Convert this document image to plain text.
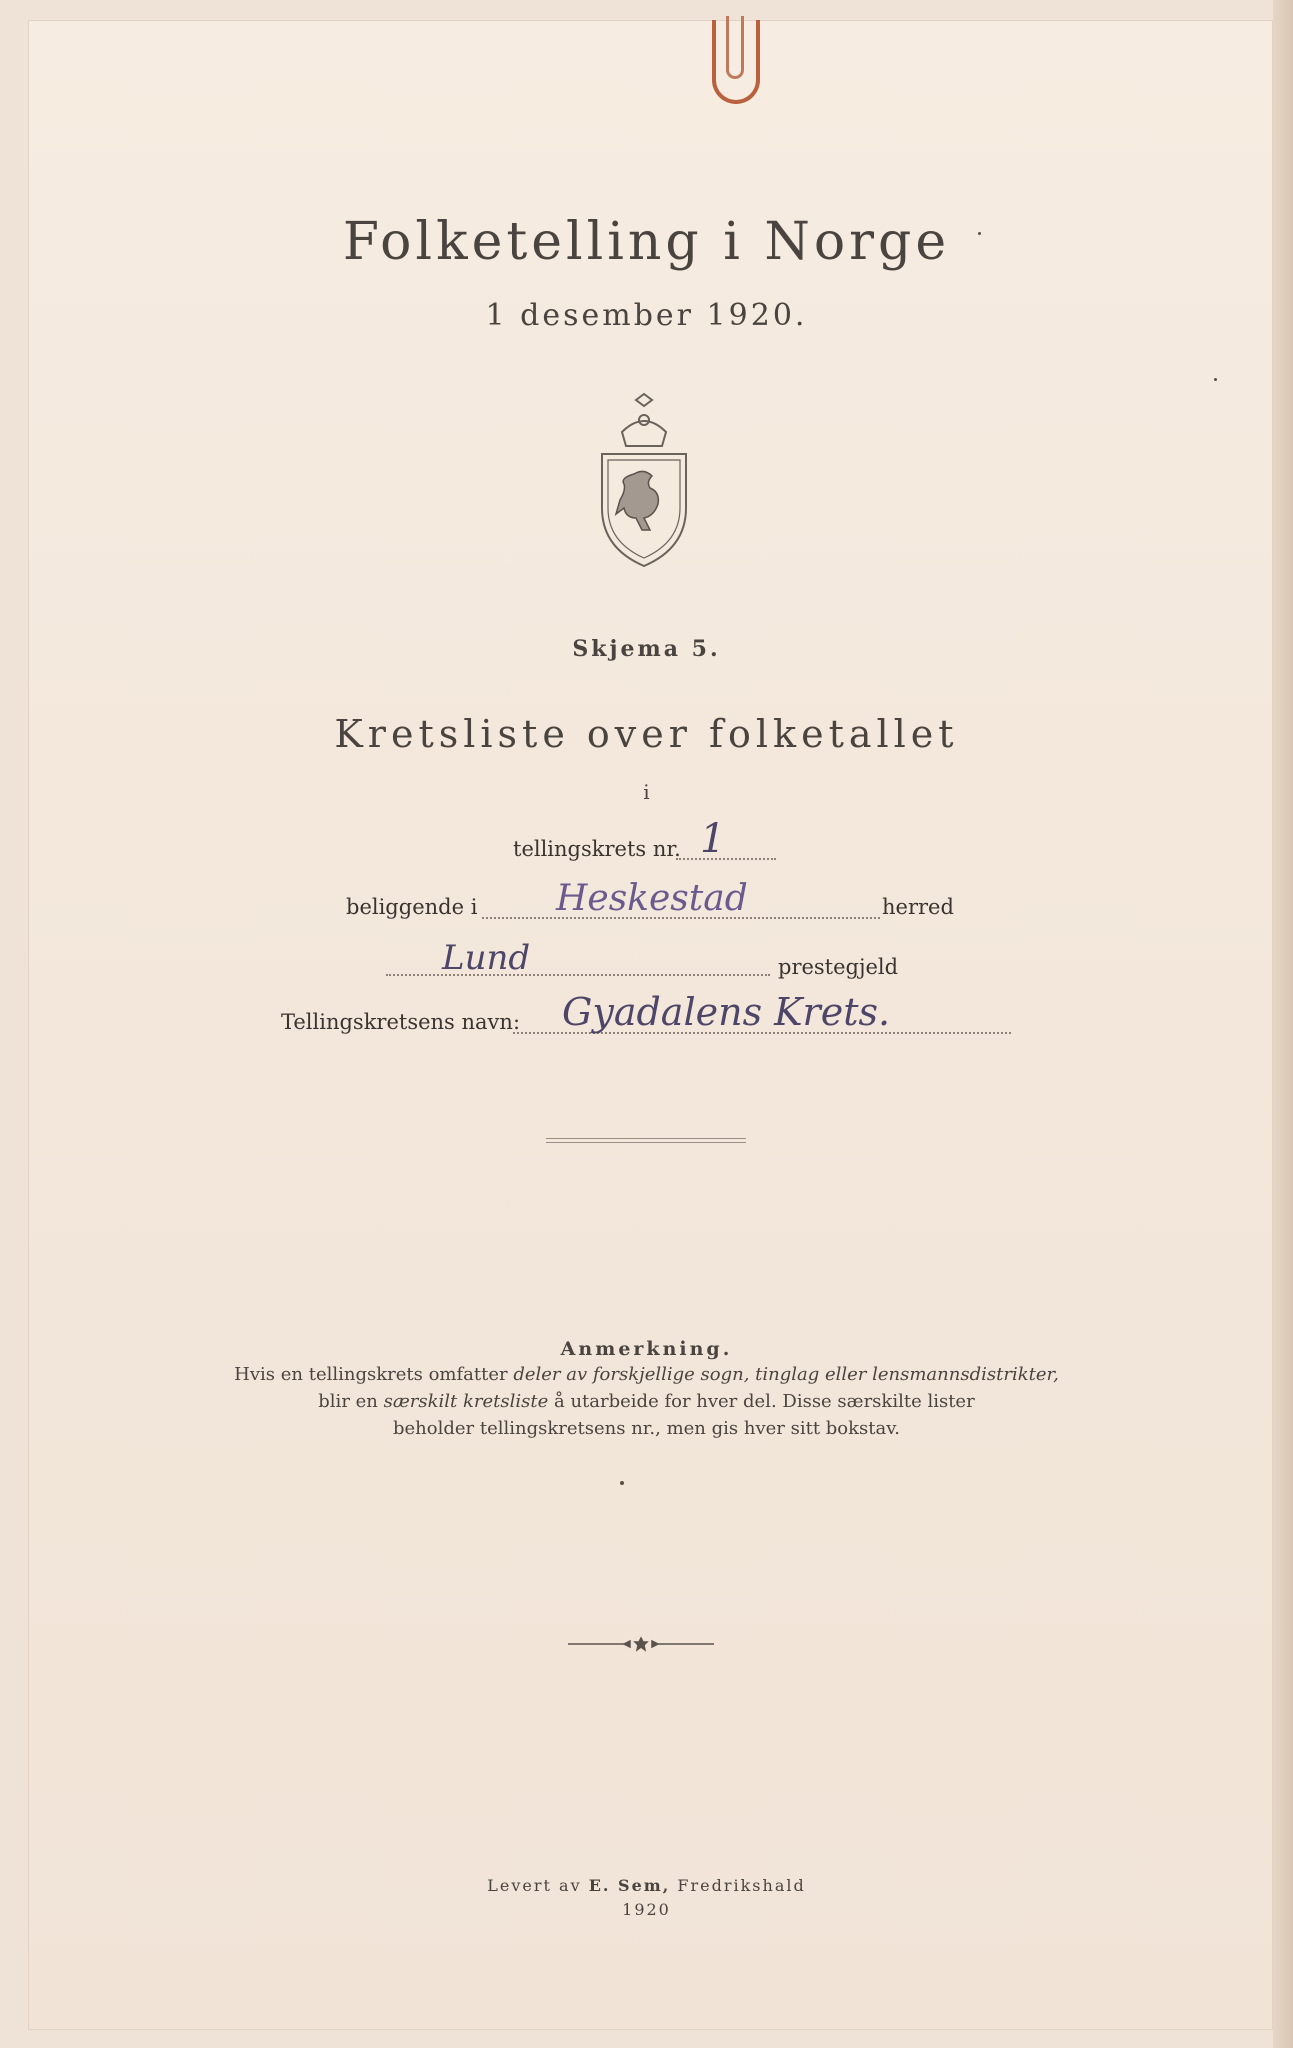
Folketelling i Norge
1 desember 1920.
Skjema 5.
Kretsliste over folketallet
i
tellingskrets nr. 1
beliggende i Heskestad	herred
Lund	prestegjeld
Tellingskretsens navn: Gyadalens Krets.
Anmerkning.
Hvis en tellingskrets omfatter deler av forskjellige sogn, tinglag eller lensmannsdistrikter,
blir en særskilt kretsliste å utarbeide for hver del. Disse særskilte lister
beholder tellingskretsens nr., men gis hver sitt bokstav.
Levert av E. Sem, Fredrikshald
1920
